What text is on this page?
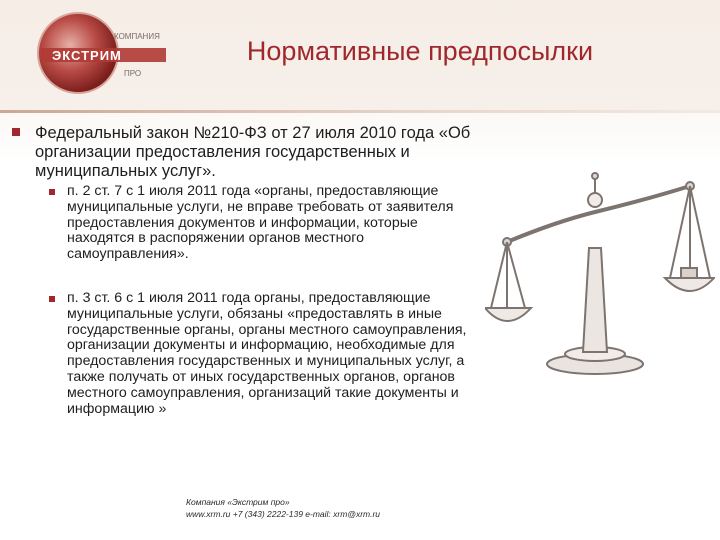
КОМПАНИЯ
ЭКСТРИМ
ПРО
Нормативные предпосылки
Федеральный закон №210-ФЗ от 27 июля 2010 года «Об организации предоставления государственных и муниципальных услуг».
п. 2 ст. 7 с 1 июля 2011 года «органы, предоставляющие муниципальные услуги, не вправе требовать от заявителя предоставления документов и информации, которые находятся в распоряжении органов местного самоуправления».
п. 3 ст. 6 с 1 июля 2011 года органы, предоставляющие муниципальные услуги, обязаны «предоставлять в иные государственные органы, органы местного самоуправления, организации документы и информацию, необходимые для предоставления государственных и муниципальных услуг, а также получать от иных государственных органов, органов местного самоуправления, организаций такие документы и информацию »
Компания «Экстрим про»
www.xrm.ru +7 (343) 2222-139 e-mail: xrm@xrm.ru
